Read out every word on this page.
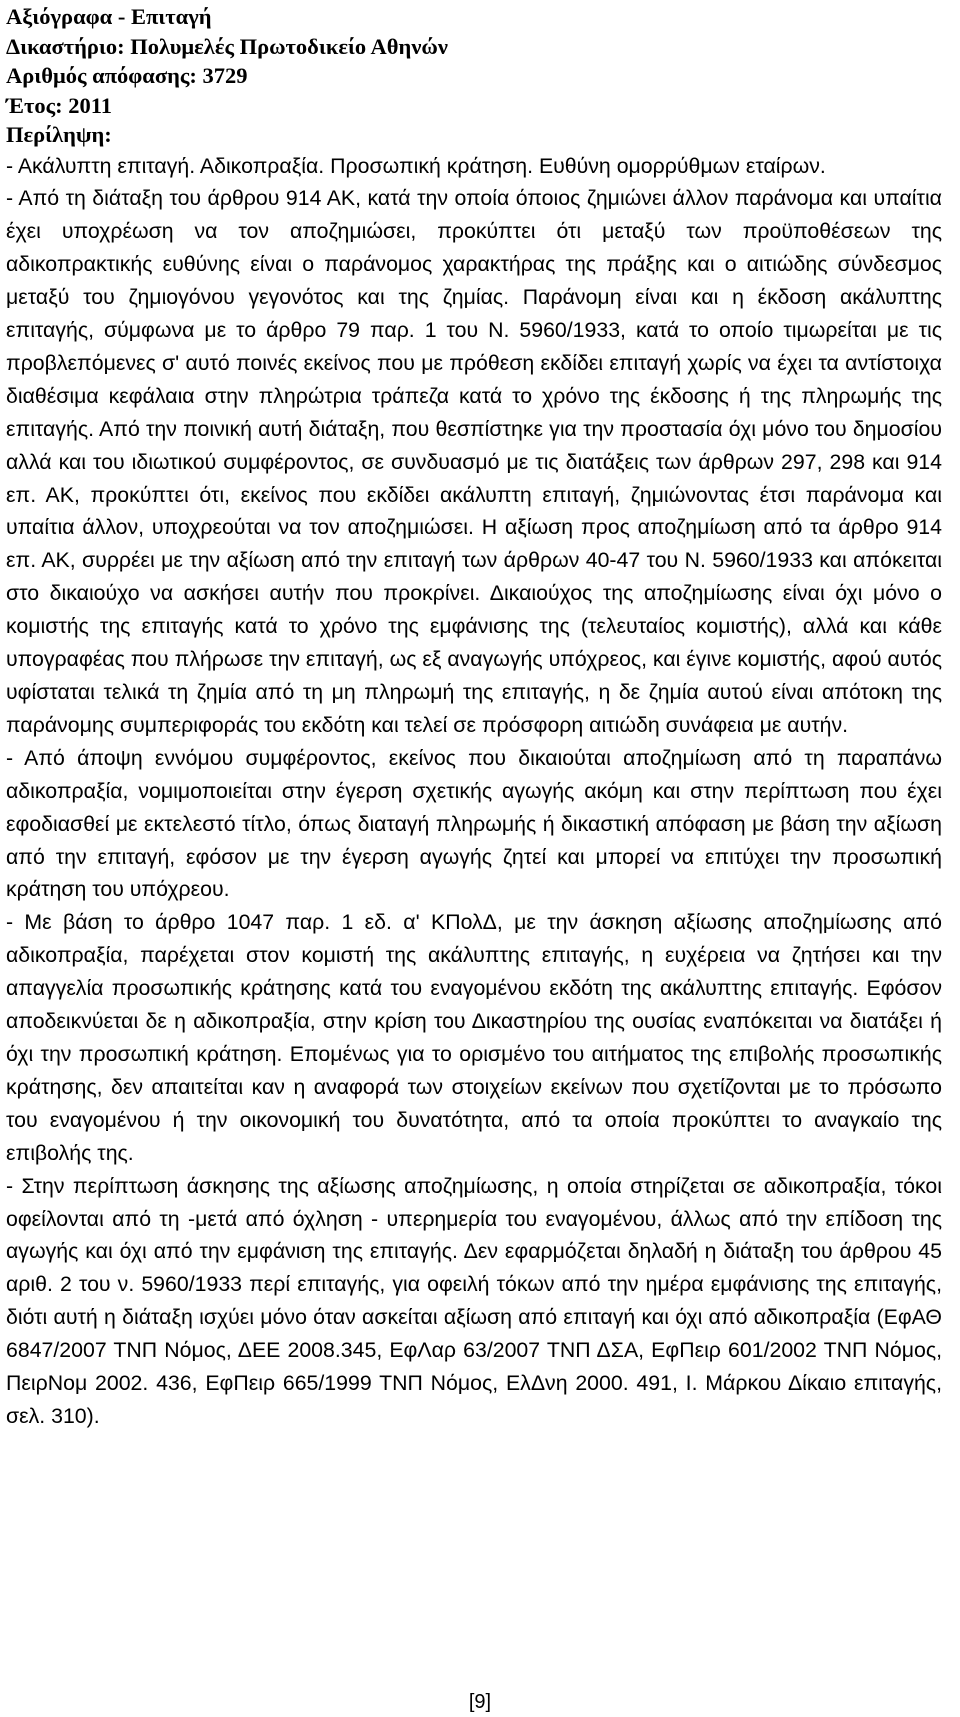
Αξιόγραφα - Επιταγή
Δικαστήριο: Πολυμελές Πρωτοδικείο Αθηνών
Αριθμός απόφασης: 3729
Έτος: 2011
Περίληψη:

- Ακάλυπτη επιταγή. Αδικοπραξία. Προσωπική κράτηση. Ευθύνη ομορρύθμων εταίρων.

- Από τη διάταξη του άρθρου 914 ΑΚ, κατά την οποία όποιος ζημιώνει άλλον παράνομα και υπαίτια έχει υποχρέωση να τον αποζημιώσει, προκύπτει ότι μεταξύ των προϋποθέσεων της αδικοπρακτικής ευθύνης είναι ο παράνομος χαρακτήρας της πράξης και ο αιτιώδης σύνδεσμος μεταξύ του ζημιογόνου γεγονότος και της ζημίας. Παράνομη είναι και η έκδοση ακάλυπτης επιταγής, σύμφωνα με το άρθρο 79 παρ. 1 του Ν. 5960/1933, κατά το οποίο τιμωρείται με τις προβλεπόμενες σ' αυτό ποινές εκείνος που με πρόθεση εκδίδει επιταγή χωρίς να έχει τα αντίστοιχα διαθέσιμα κεφάλαια στην πληρώτρια τράπεζα κατά το χρόνο της έκδοσης ή της πληρωμής της επιταγής. Από την ποινική αυτή διάταξη, που θεσπίστηκε για την προστασία όχι μόνο του δημοσίου αλλά και του ιδιωτικού συμφέροντος, σε συνδυασμό με τις διατάξεις των άρθρων 297, 298 και 914 επ. ΑΚ, προκύπτει ότι, εκείνος που εκδίδει ακάλυπτη επιταγή, ζημιώνοντας έτσι παράνομα και υπαίτια άλλον, υποχρεούται να τον αποζημιώσει. Η αξίωση προς αποζημίωση από τα άρθρο 914 επ. ΑΚ, συρρέει με την αξίωση από την επιταγή των άρθρων 40-47 του Ν. 5960/1933 και απόκειται στο δικαιούχο να ασκήσει αυτήν που προκρίνει. Δικαιούχος της αποζημίωσης είναι όχι μόνο ο κομιστής της επιταγής κατά το χρόνο της εμφάνισης της (τελευταίος κομιστής), αλλά και κάθε υπογραφέας που πλήρωσε την επιταγή, ως εξ αναγωγής υπόχρεος, και έγινε κομιστής, αφού αυτός υφίσταται τελικά τη ζημία από τη μη πληρωμή της επιταγής, η δε ζημία αυτού είναι απότοκη της παράνομης συμπεριφοράς του εκδότη και τελεί σε πρόσφορη αιτιώδη συνάφεια με αυτήν.

- Από άποψη εννόμου συμφέροντος, εκείνος που δικαιούται αποζημίωση από τη παραπάνω αδικοπραξία, νομιμοποιείται στην έγερση σχετικής αγωγής ακόμη και στην περίπτωση που έχει εφοδιασθεί με εκτελεστό τίτλο, όπως διαταγή πληρωμής ή δικαστική απόφαση με βάση την αξίωση από την επιταγή, εφόσον με την έγερση αγωγής ζητεί και μπορεί να επιτύχει την προσωπική κράτηση του υπόχρεου.

- Με βάση το άρθρο 1047 παρ. 1 εδ. α' ΚΠολΔ, με την άσκηση αξίωσης αποζημίωσης από αδικοπραξία, παρέχεται στον κομιστή της ακάλυπτης επιταγής, η ευχέρεια να ζητήσει και την απαγγελία προσωπικής κράτησης κατά του εναγομένου εκδότη της ακάλυπτης επιταγής. Εφόσον αποδεικνύεται δε η αδικοπραξία, στην κρίση του Δικαστηρίου της ουσίας εναπόκειται να διατάξει ή όχι την προσωπική κράτηση. Επομένως για το ορισμένο του αιτήματος της επιβολής προσωπικής κράτησης, δεν απαιτείται καν η αναφορά των στοιχείων εκείνων που σχετίζονται με το πρόσωπο του εναγομένου ή την οικονομική του δυνατότητα, από τα οποία προκύπτει το αναγκαίο της επιβολής της.

- Στην περίπτωση άσκησης της αξίωσης αποζημίωσης, η οποία στηρίζεται σε αδικοπραξία, τόκοι οφείλονται από τη -μετά από όχληση - υπερημερία του εναγομένου, άλλως από την επίδοση της αγωγής και όχι από την εμφάνιση της επιταγής. Δεν εφαρμόζεται δηλαδή η διάταξη του άρθρου 45 αριθ. 2 του ν. 5960/1933 περί επιταγής, για οφειλή τόκων από την ημέρα εμφάνισης της επιταγής, διότι αυτή η διάταξη ισχύει μόνο όταν ασκείται αξίωση από επιταγή και όχι από αδικοπραξία (ΕφΑΘ 6847/2007 ΤΝΠ Νόμος, ΔΕΕ 2008.345, ΕφΛαρ 63/2007 ΤΝΠ ΔΣΑ, ΕφΠειρ 601/2002 ΤΝΠ Νόμος, ΠειρΝομ 2002. 436, ΕφΠειρ 665/1999 ΤΝΠ Νόμος, ΕλΔνη 2000. 491, Ι. Μάρκου Δίκαιο επιταγής, σελ. 310).

[9]
